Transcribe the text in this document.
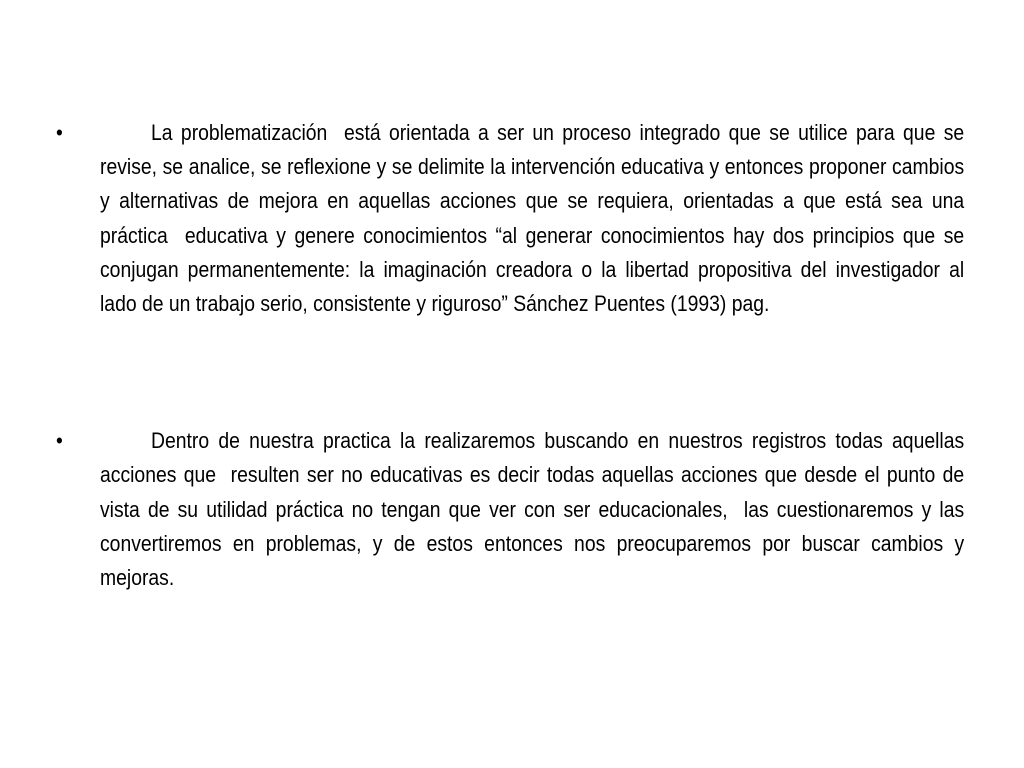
•	La problematización  está orientada a ser un proceso integrado que se utilice para que se revise, se analice, se reflexione y se delimite la intervención educativa y entonces proponer cambios y alternativas de mejora en aquellas acciones que se requiera, orientadas a que está sea una práctica  educativa y genere conocimientos “al generar conocimientos hay dos principios que se conjugan permanentemente: la imaginación creadora o la libertad propositiva del investigador al lado de un trabajo serio, consistente y riguroso” Sánchez Puentes (1993) pag.
•	Dentro de nuestra practica la realizaremos buscando en nuestros registros todas aquellas acciones que  resulten ser no educativas es decir todas aquellas acciones que desde el punto de vista de su utilidad práctica no tengan que ver con ser educacionales,  las cuestionaremos y las convertiremos en problemas, y de estos entonces nos preocuparemos por buscar cambios y mejoras.
